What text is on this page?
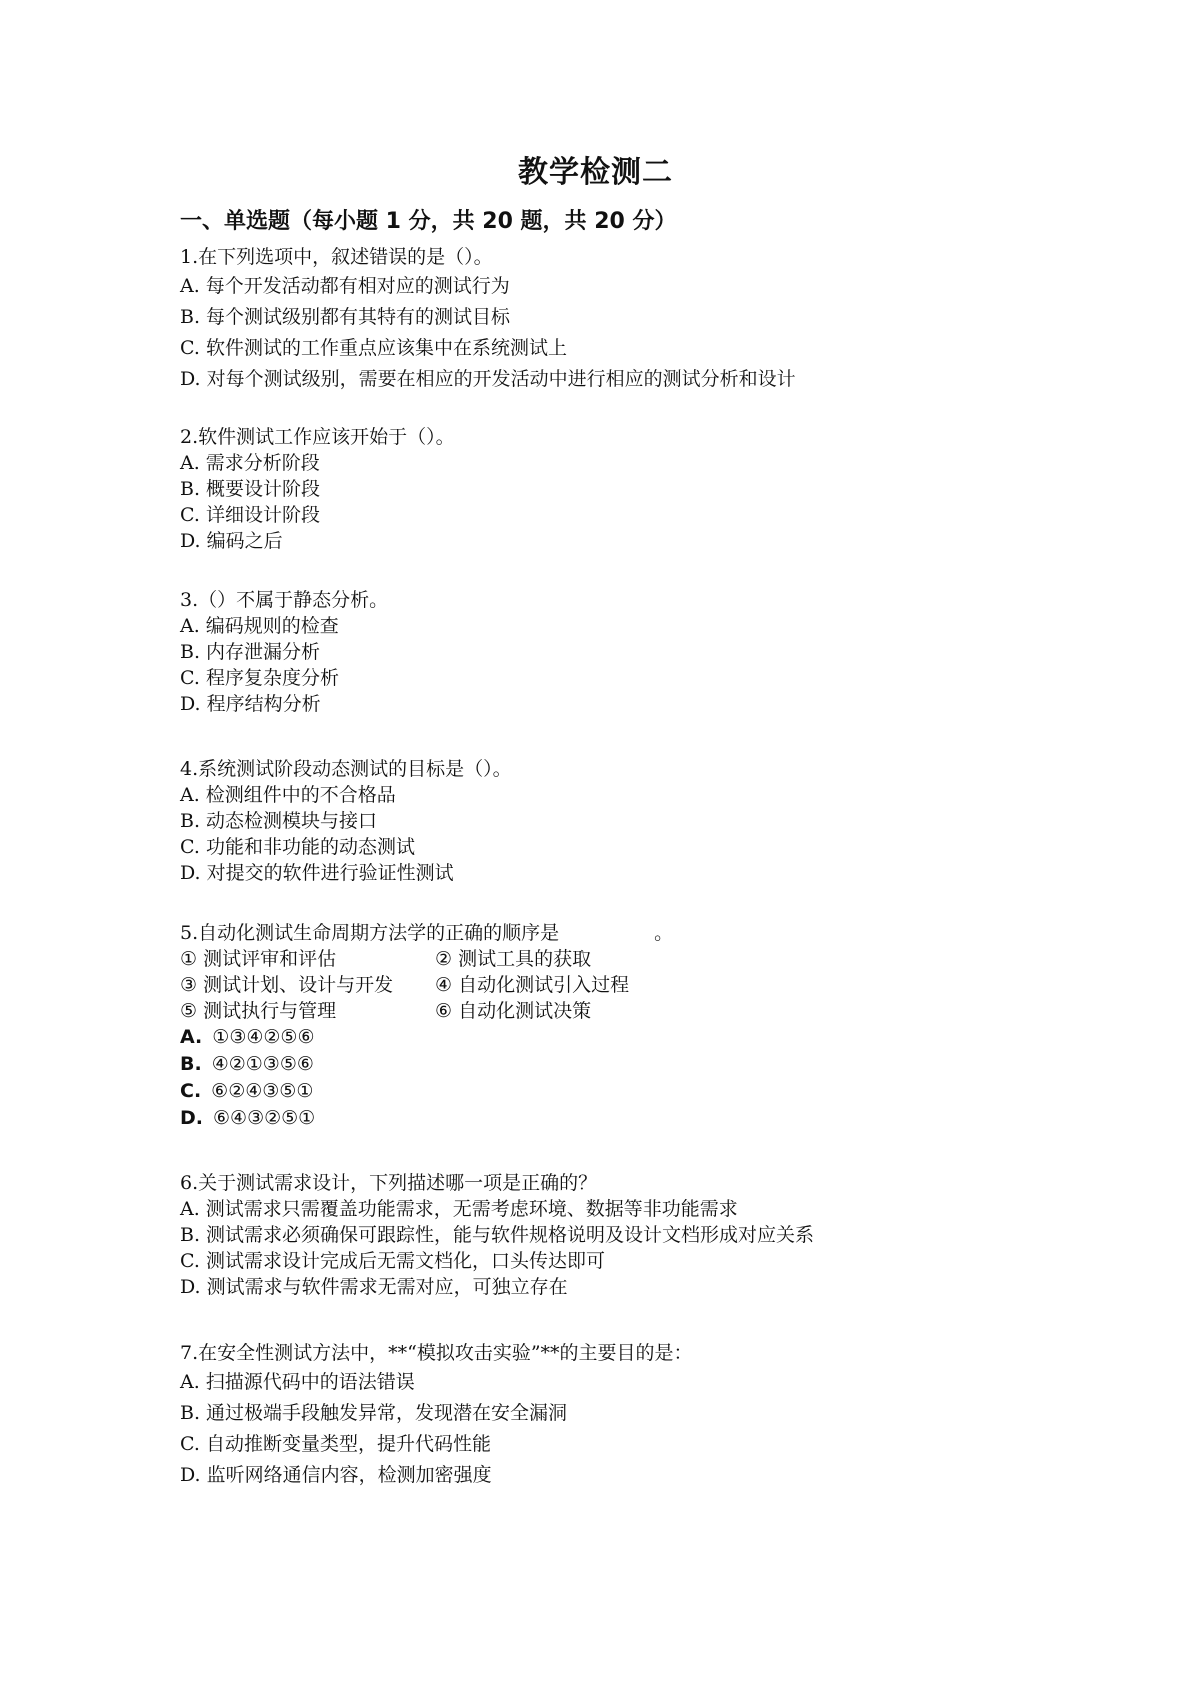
教学检测二
一、单选题（每小题 1 分，共 20 题，共 20 分）
1.在下列选项中，叙述错误的是（）。
A. 每个开发活动都有相对应的测试行为
B. 每个测试级别都有其特有的测试目标
C. 软件测试的工作重点应该集中在系统测试上
D. 对每个测试级别，需要在相应的开发活动中进行相应的测试分析和设计
2.软件测试工作应该开始于（）。
A. 需求分析阶段
B. 概要设计阶段
C. 详细设计阶段
D. 编码之后
3.（）不属于静态分析。
A. 编码规则的检查
B. 内存泄漏分析
C. 程序复杂度分析
D. 程序结构分析
4.系统测试阶段动态测试的目标是（）。
A. 检测组件中的不合格品
B. 动态检测模块与接口
C. 功能和非功能的动态测试
D. 对提交的软件进行验证性测试
5.自动化测试生命周期方法学的正确的顺序是　　　　　。
① 测试评审和评估	② 测试工具的获取
③ 测试计划、设计与开发	④ 自动化测试引入过程
⑤ 测试执行与管理	⑥ 自动化测试决策
A. ①③④②⑤⑥
B. ④②①③⑤⑥
C. ⑥②④③⑤①
D. ⑥④③②⑤①
6.关于测试需求设计，下列描述哪一项是正确的？
A. 测试需求只需覆盖功能需求，无需考虑环境、数据等非功能需求
B. 测试需求必须确保可跟踪性，能与软件规格说明及设计文档形成对应关系
C. 测试需求设计完成后无需文档化，口头传达即可
D. 测试需求与软件需求无需对应，可独立存在
7.在安全性测试方法中，**“模拟攻击实验”**的主要目的是：
A. 扫描源代码中的语法错误
B. 通过极端手段触发异常，发现潜在安全漏洞
C. 自动推断变量类型，提升代码性能
D. 监听网络通信内容，检测加密强度
